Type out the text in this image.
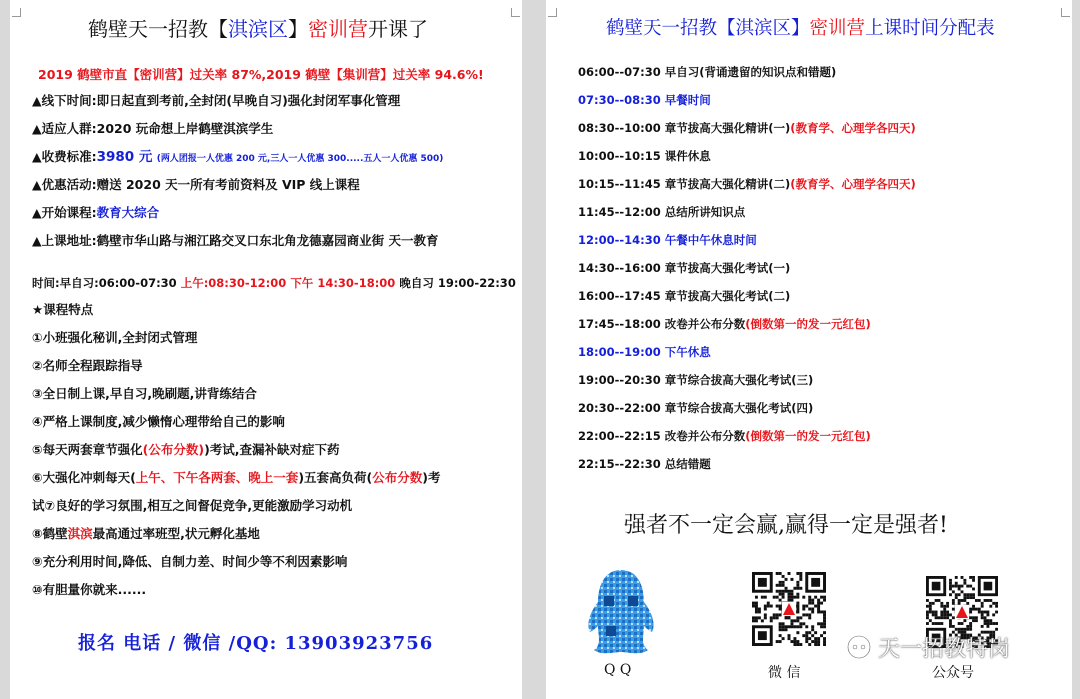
鹤壁天一招教【淇滨区】密训营开课了
2019 鹤壁市直【密训营】过关率 87%,2019 鹤壁【集训营】过关率 94.6%!
▲线下时间:即日起直到考前,全封闭(早晚自习)强化封闭军事化管理
▲适应人群:2020 玩命想上岸鹤壁淇滨学生
▲收费标准:3980 元 (两人团报一人优惠 200 元,三人一人优惠 300.....五人一人优惠 500)
▲优惠活动:赠送 2020 天一所有考前资料及 VIP 线上课程
▲开始课程:教育大综合
▲上课地址:鹤壁市华山路与湘江路交叉口东北角龙德嘉园商业街 天一教育
时间:早自习:06:00-07:30 上午:08:30-12:00 下午 14:30-18:00 晚自习 19:00-22:30
★课程特点
①小班强化秘训,全封闭式管理
②名师全程跟踪指导
③全日制上课,早自习,晚刷题,讲背练结合
④严格上课制度,减少懒惰心理带给自己的影响
⑤每天两套章节强化(公布分数))考试,查漏补缺对症下药
⑥大强化冲刺每天(上午、下午各两套、晚上一套)五套高负荷(公布分数)考
试⑦良好的学习氛围,相互之间督促竞争,更能激励学习动机
⑧鹤壁淇滨最高通过率班型,状元孵化基地
⑨充分利用时间,降低、自制力差、时间少等不利因素影响
⑩有胆量你就来......
报名 电话 / 微信 /QQ: 13903923756
鹤壁天一招教【淇滨区】密训营上课时间分配表
06:00--07:30 早自习(背诵遗留的知识点和错题)
07:30--08:30 早餐时间
08:30--10:00 章节拔高大强化精讲(一)(教育学、心理学各四天)
10:00--10:15 课件休息
10:15--11:45 章节拔高大强化精讲(二)(教育学、心理学各四天)
11:45--12:00 总结所讲知识点
12:00--14:30 午餐中午休息时间
14:30--16:00 章节拔高大强化考试(一)
16:00--17:45 章节拔高大强化考试(二)
17:45--18:00 改卷并公布分数(倒数第一的发一元红包)
18:00--19:00 下午休息
19:00--20:30 章节综合拔高大强化考试(三)
20:30--22:00 章节综合拔高大强化考试(四)
22:00--22:15 改卷并公布分数(倒数第一的发一元红包)
22:15--22:30 总结错题
强者不一定会赢,赢得一定是强者!
Q Q	微 信	公众号
天一招教特岗
